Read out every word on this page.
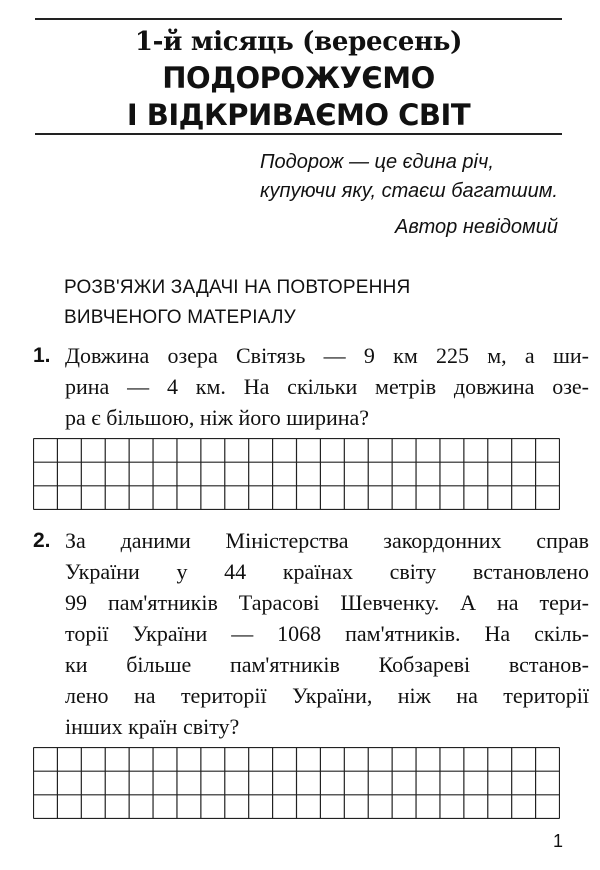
1-й місяць (вересень)
ПОДОРОЖУЄМО
І ВІДКРИВАЄМО СВІТ
Подорож — це єдина річ,
купуючи яку, стаєш багатшим.
Автор невідомий
РОЗВ'ЯЖИ ЗАДАЧІ НА ПОВТОРЕННЯ
ВИВЧЕНОГО МАТЕРІАЛУ
1. Довжина озера Світязь — 9 км 225 м, а ши-
рина — 4 км. На скільки метрів довжина озе-
ра є більшою, ніж його ширина?
2. За даними Міністерства закордонних справ
України у 44 країнах світу встановлено
99 пам'ятників Тарасові Шевченку. А на тери-
торії України — 1068 пам'ятників. На скіль-
ки більше пам'ятників Кобзареві встанов-
лено на території України, ніж на території
інших країн світу?
1
